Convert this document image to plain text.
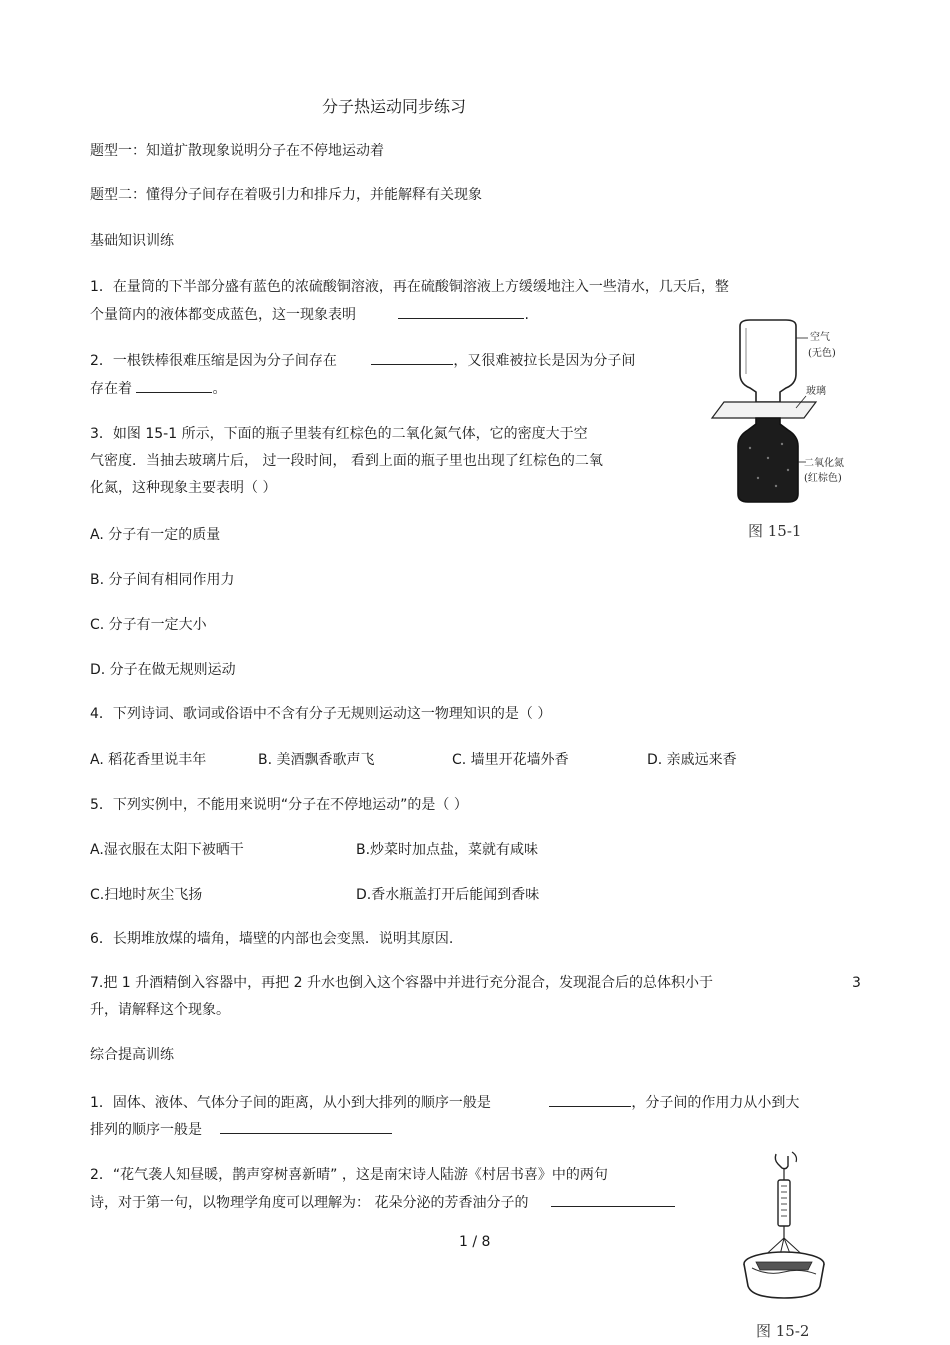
分子热运动同步练习
题型一：知道扩散现象说明分子在不停地运动着
题型二：懂得分子间存在着吸引力和排斥力，并能解释有关现象
基础知识训练
1．在量筒的下半部分盛有蓝色的浓硫酸铜溶液，再在硫酸铜溶液上方缓缓地注入一些清水，几天后，整
个量筒内的液体都变成蓝色，这一现象表明	.
2．一根铁棒很难压缩是因为分子间存在	，又很难被拉长是因为分子间
存在着	。
3．如图 15-1 所示，下面的瓶子里装有红棕色的二氧化氮气体，它的密度大于空
气密度．当抽去玻璃片后， 过一段时间， 看到上面的瓶子里也出现了红棕色的二氧
化氮，这种现象主要表明（ ）
A. 分子有一定的质量
B. 分子间有相同作用力
C. 分子有一定大小
D. 分子在做无规则运动
4．下列诗词、歌词或俗语中不含有分子无规则运动这一物理知识的是（ ）
A. 稻花香里说丰年	B. 美酒飘香歌声飞	C. 墙里开花墙外香	D. 亲戚远来香
5．下列实例中，不能用来说明“分子在不停地运动”的是（ ）
A.湿衣服在太阳下被晒干	B.炒菜时加点盐，菜就有咸味
C.扫地时灰尘飞扬	D.香水瓶盖打开后能闻到香味
6．长期堆放煤的墙角，墙壁的内部也会变黑．说明其原因.
7.把 1 升酒精倒入容器中，再把 2 升水也倒入这个容器中并进行充分混合，发现混合后的总体积小于	3
升，请解释这个现象。
综合提高训练
1．固体、液体、气体分子间的距离，从小到大排列的顺序一般是	，分子间的作用力从小到大
排列的顺序一般是
2．“花气袭人知昼暖，鹊声穿树喜新晴” ，这是南宋诗人陆游《村居书喜》中的两句
诗，对于第一句，以物理学角度可以理解为： 花朵分泌的芳香油分子的
1 / 8
空气
(无色)
玻璃
二氧化氮
(红棕色)
图 15-1
图 15-2
